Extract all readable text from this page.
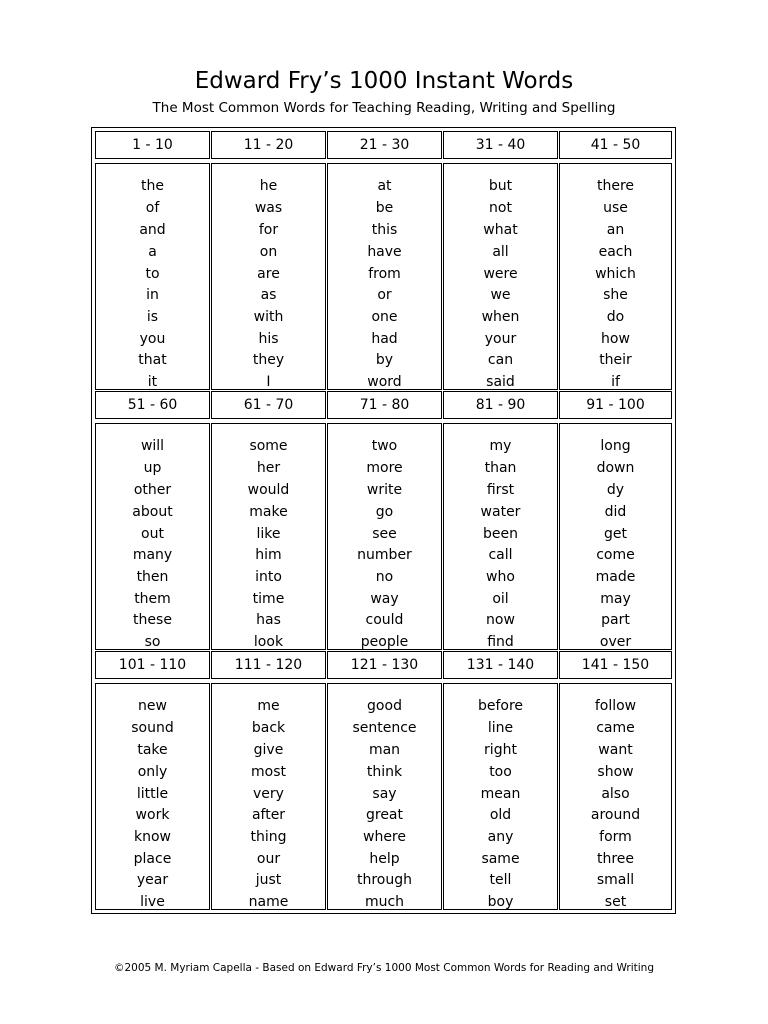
Edward Fry’s 1000 Instant Words
The Most Common Words for Teaching Reading, Writing and Spelling
1 - 10
the
of
and
a
to
in
is
you
that
it
11 - 20
he
was
for
on
are
as
with
his
they
I
21 - 30
at
be
this
have
from
or
one
had
by
word
31 - 40
but
not
what
all
were
we
when
your
can
said
41 - 50
there
use
an
each
which
she
do
how
their
if
51 - 60
will
up
other
about
out
many
then
them
these
so
61 - 70
some
her
would
make
like
him
into
time
has
look
71 - 80
two
more
write
go
see
number
no
way
could
people
81 - 90
my
than
first
water
been
call
who
oil
now
find
91 - 100
long
down
dy
did
get
come
made
may
part
over
101 - 110
new
sound
take
only
little
work
know
place
year
live
111 - 120
me
back
give
most
very
after
thing
our
just
name
121 - 130
good
sentence
man
think
say
great
where
help
through
much
131 - 140
before
line
right
too
mean
old
any
same
tell
boy
141 - 150
follow
came
want
show
also
around
form
three
small
set
©2005 M. Myriam Capella - Based on Edward Fry’s 1000 Most Common Words for Reading and Writing
